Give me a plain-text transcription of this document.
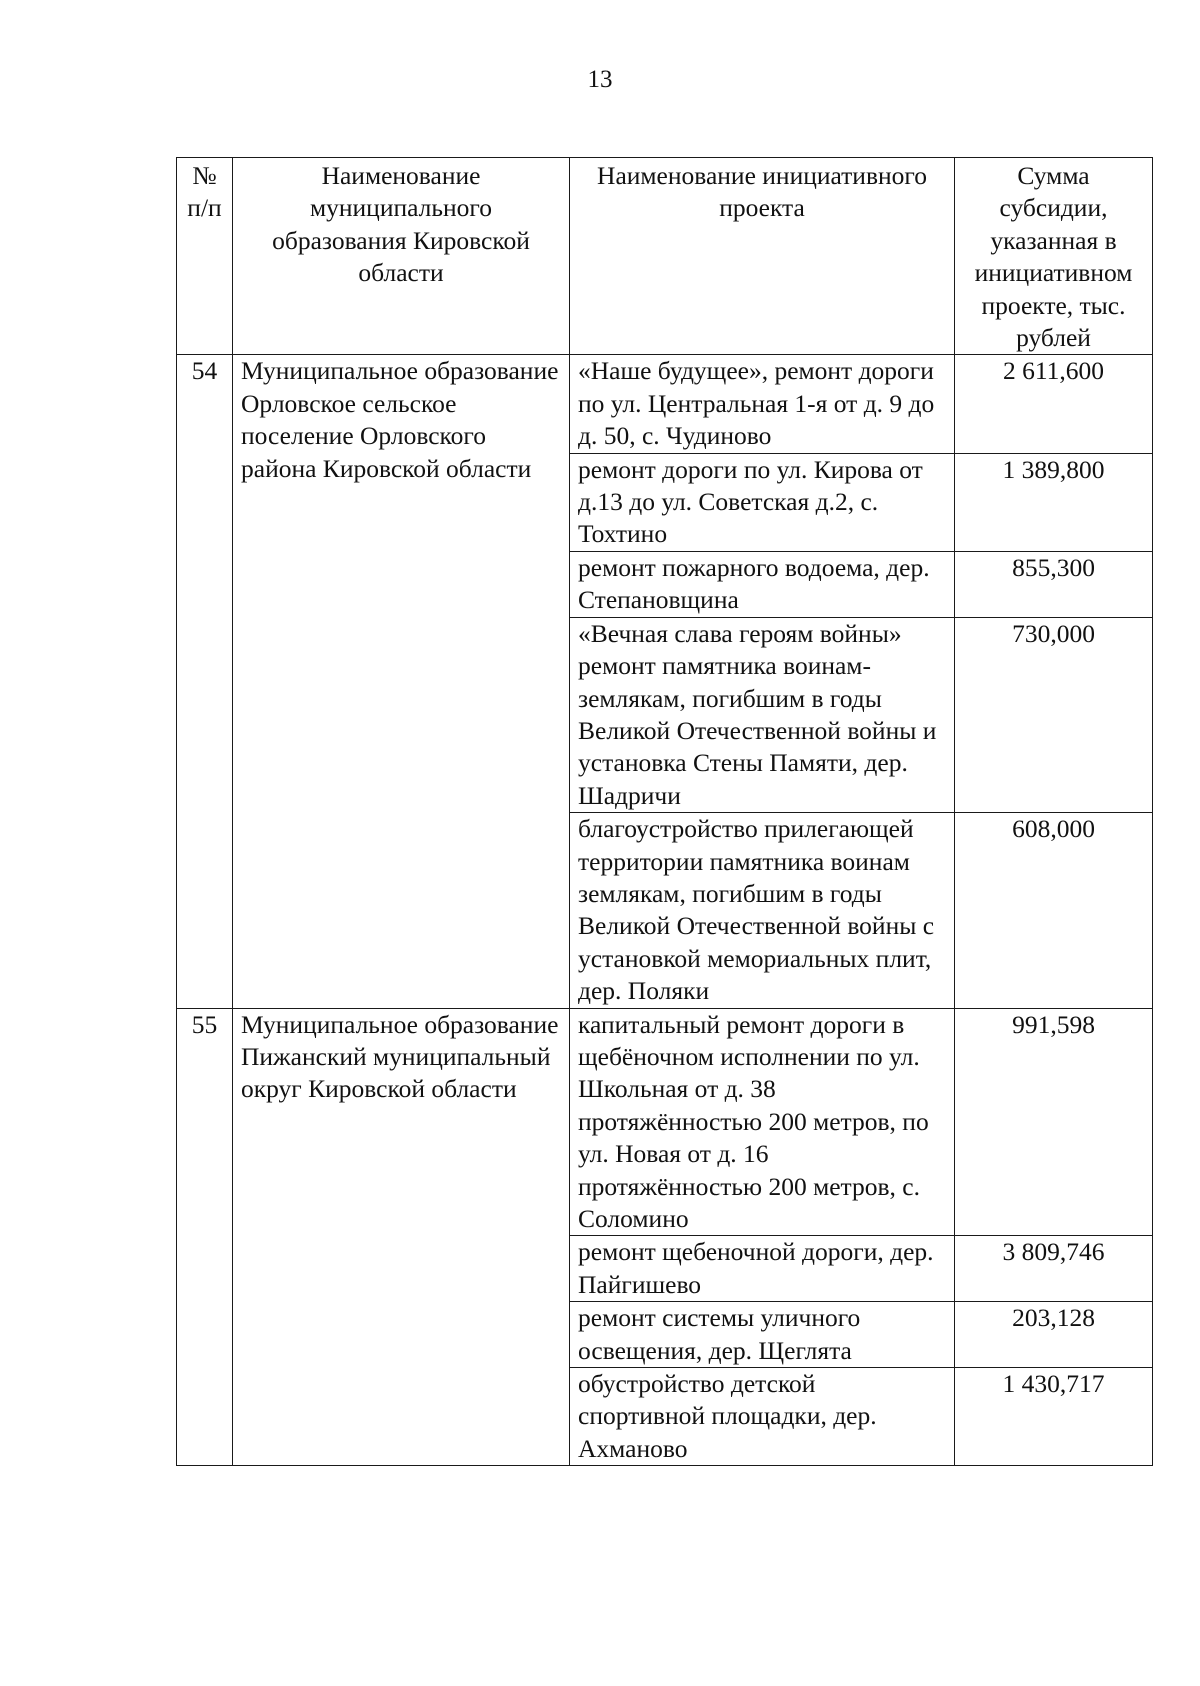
13
№ п/п	Наименование муниципального образования Кировской области	Наименование инициативного проекта	Сумма субсидии, указанная в инициативном проекте, тыс. рублей
54	Муниципальное образование Орловское сельское поселение Орловского района Кировской области	«Наше будущее», ремонт дороги по ул. Центральная 1-я от д. 9 до д. 50, с. Чудиново	2 611,600
		ремонт дороги по ул. Кирова от д.13 до ул. Советская д.2, с. Тохтино	1 389,800
		ремонт пожарного водоема, дер. Степановщина	855,300
		«Вечная слава героям войны» ремонт памятника воинам-землякам, погибшим в годы Великой Отечественной войны и установка Стены Памяти, дер. Шадричи	730,000
		благоустройство прилегающей территории памятника воинам землякам, погибшим в годы Великой Отечественной войны с установкой мемориальных плит, дер. Поляки	608,000
55	Муниципальное образование Пижанский муниципальный округ Кировской области	капитальный ремонт дороги в щебёночном исполнении по ул. Школьная от д. 38 протяжённостью 200 метров, по ул. Новая от д. 16 протяжённостью 200 метров, с. Соломино	991,598
		ремонт щебеночной дороги, дер. Пайгишево	3 809,746
		ремонт системы уличного освещения, дер. Щеглята	203,128
		обустройство детской спортивной площадки, дер. Ахманово	1 430,717
